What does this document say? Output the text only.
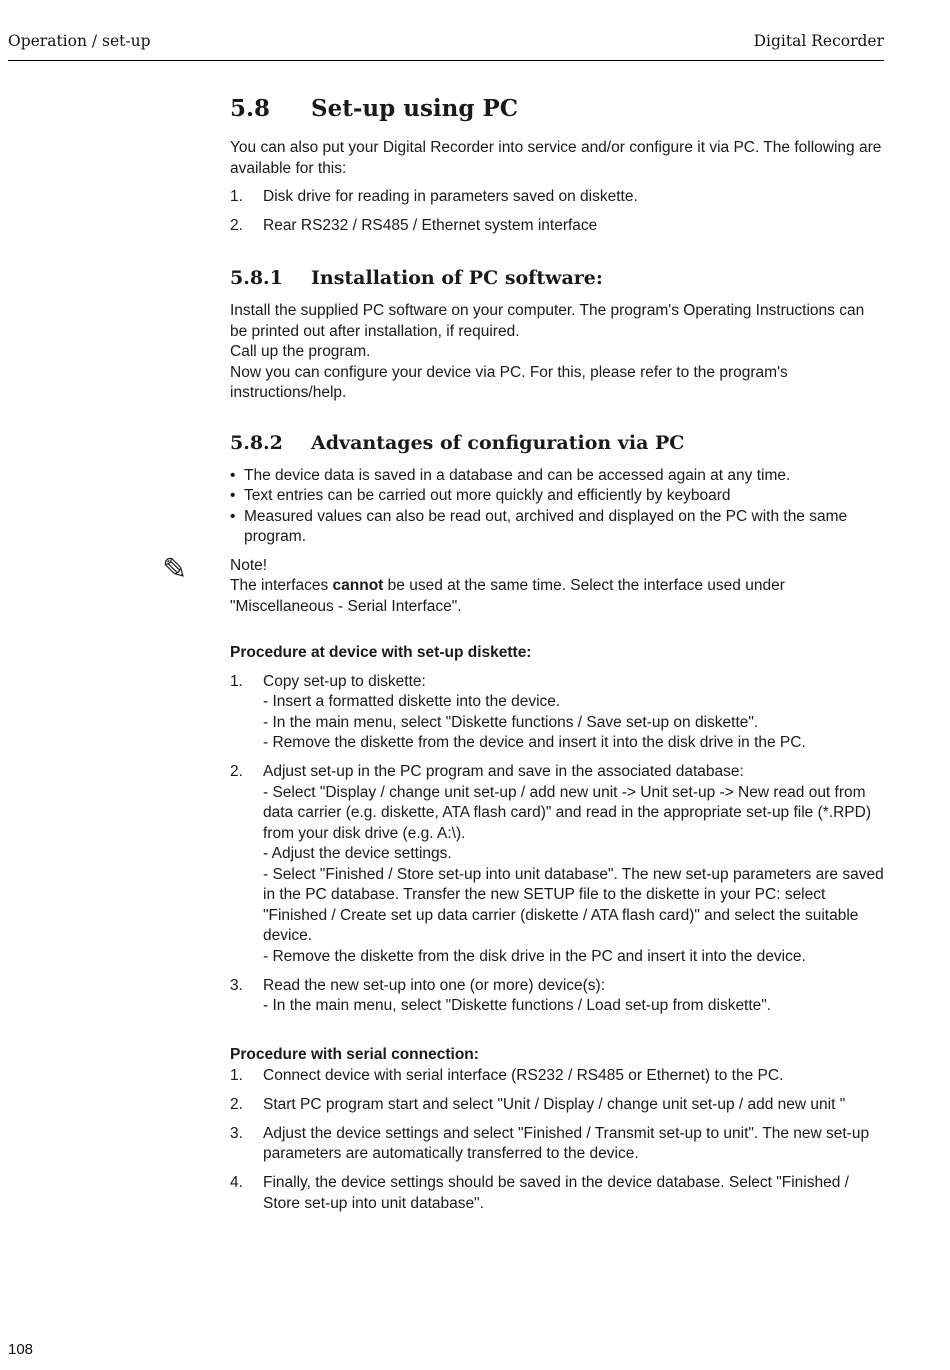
Operation / set-up	Digital Recorder
✎
5.8 Set-up using PC

You can also put your Digital Recorder into service and/or configure it via PC. The following are available for this:

1. Disk drive for reading in parameters saved on diskette.
2. Rear RS232 / RS485 / Ethernet system interface
5.8.1 Installation of PC software:

Install the supplied PC software on your computer. The program's Operating Instructions can be printed out after installation, if required.

Call up the program.

Now you can configure your device via PC. For this, please refer to the program's instructions/help.

5.8.2 Advantages of configuration via PC
• The device data is saved in a database and can be accessed again at any time.
• Text entries can be carried out more quickly and efficiently by keyboard
• Measured values can also be read out, archived and displayed on the PC with the same program.

Note!

The interfaces cannot be used at the same time. Select the interface used under "Miscellaneous - Serial Interface".

Procedure at device with set-up diskette:

1. Copy set-up to diskette:
- Insert a formatted diskette into the device.
- In the main menu, select "Diskette functions / Save set-up on diskette".
- Remove the diskette from the device and insert it into the disk drive in the PC.
2. Adjust set-up in the PC program and save in the associated database:
- Select "Display / change unit set-up / add new unit -> Unit set-up -> New read out from data carrier (e.g. diskette, ATA flash card)" and read in the appropriate set-up file (*.RPD) from your disk drive (e.g. A:\).
- Adjust the device settings.
- Select "Finished / Store set-up into unit database". The new set-up parameters are saved in the PC database. Transfer the new SETUP file to the diskette in your PC: select "Finished / Create set up data carrier (diskette / ATA flash card)" and select the suitable device.
- Remove the diskette from the disk drive in the PC and insert it into the device.
3. Read the new set-up into one (or more) device(s):
- In the main menu, select "Diskette functions / Load set-up from diskette".

Procedure with serial connection:

1. Connect device with serial interface (RS232 / RS485 or Ethernet) to the PC.
2. Start PC program start and select "Unit / Display / change unit set-up / add new unit "
3. Adjust the device settings and select "Finished / Transmit set-up to unit". The new set-up parameters are automatically transferred to the device.
4. Finally, the device settings should be saved in the device database. Select "Finished / Store set-up into unit database".
108
